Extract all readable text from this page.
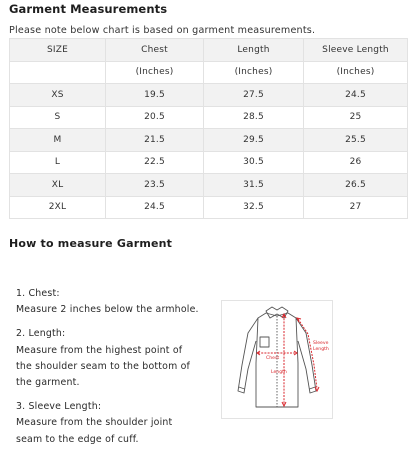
Garment Measurements
Please note below chart is based on garment measurements.
SIZE	Chest	Length	Sleeve Length
	(Inches)	(Inches)	(Inches)
XS	19.5	27.5	24.5
S	20.5	28.5	25
M	21.5	29.5	25.5
L	22.5	30.5	26
XL	23.5	31.5	26.5
2XL	24.5	32.5	27
How to measure Garment
1. Chest:
Measure 2 inches below the armhole.
2. Length:
Measure from the highest point of
the shoulder seam to the bottom of
the garment.
3. Sleeve Length:
Measure from the shoulder joint
seam to the edge of cuff.
Chest
Length
Sleeve
Length
